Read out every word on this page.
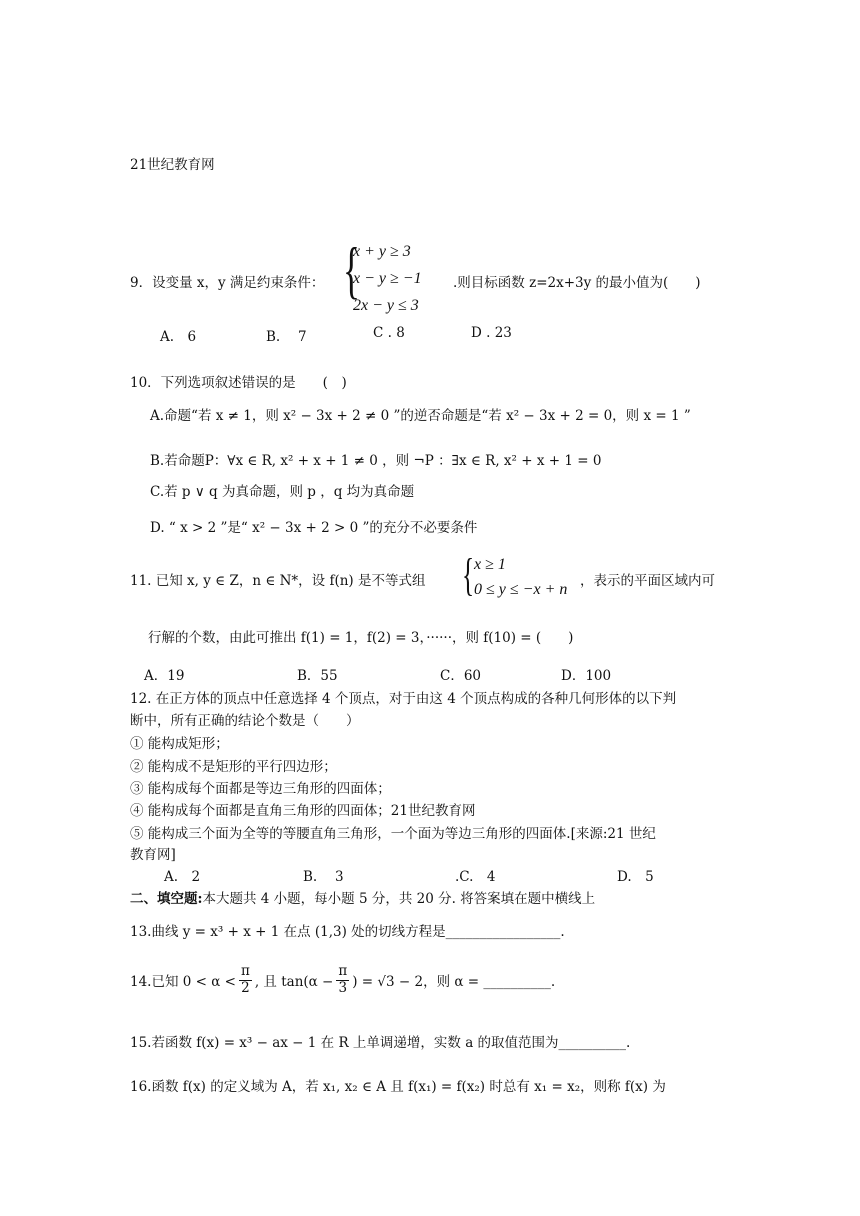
21世纪教育网
9．设变量 x，y 满足约束条件： {
x + y ≥ 3
x − y ≥ −1
2x − y ≤ 3
.则目标函数 z=2x+3y 的最小值为(　　)
A.　6	B.　 7	C . 8	D . 23
10．下列选项叙述错误的是　　(　)
A.命题“若 x ≠ 1，则 x² − 3x + 2 ≠ 0 ”的逆否命题是“若 x² − 3x + 2 = 0，则 x = 1 ”
B.若命题P：∀x ∈ R, x² + x + 1 ≠ 0 ，则 ¬P ：∃x ∈ R, x² + x + 1 = 0
C.若 p ∨ q 为真命题，则 p ，q 均为真命题
D. “ x > 2 ”是“ x² − 3x + 2 > 0 ”的充分不必要条件
11. 已知 x, y ∈ Z，n ∈ N*，设 f(n) 是不等式组 { x ≥ 1
0 ≤ y ≤ −x + n ，表示的平面区域内可
行解的个数，由此可推出 f(1) = 1，f(2) = 3，······，则 f(10) = (　　)
A．19	B．55	C．60	D．100
12. 在正方体的顶点中任意选择 4 个顶点，对于由这 4 个顶点构成的各种几何形体的以下判
断中，所有正确的结论个数是（　　）
① 能构成矩形；
② 能构成不是矩形的平行四边形；
③ 能构成每个面都是等边三角形的四面体；
④ 能构成每个面都是直角三角形的四面体；21世纪教育网
⑤ 能构成三个面为全等的等腰直角三角形，一个面为等边三角形的四面体.[来源:21 世纪
教育网]
A.　2	B.　 3	.C.　4	D.　5
二、填空题:本大题共 4 小题，每小题 5 分，共 20 分. 将答案填在题中横线上
13.曲线 y = x³ + x + 1 在点 (1,3) 处的切线方程是_________________.
14.已知 $0 < \alpha < \frac{\pi}{2}$ , 且 $\tan(\alpha - \frac{\pi}{3}$ ) = √3 − 2，则 α = __________.
15.若函数 f(x) = x³ − ax − 1 在 R 上单调递增，实数 a 的取值范围为__________.
16.函数 f(x) 的定义域为 A，若 x₁, x₂ ∈ A 且 f(x₁) = f(x₂) 时总有 x₁ = x₂，则称 f(x) 为
